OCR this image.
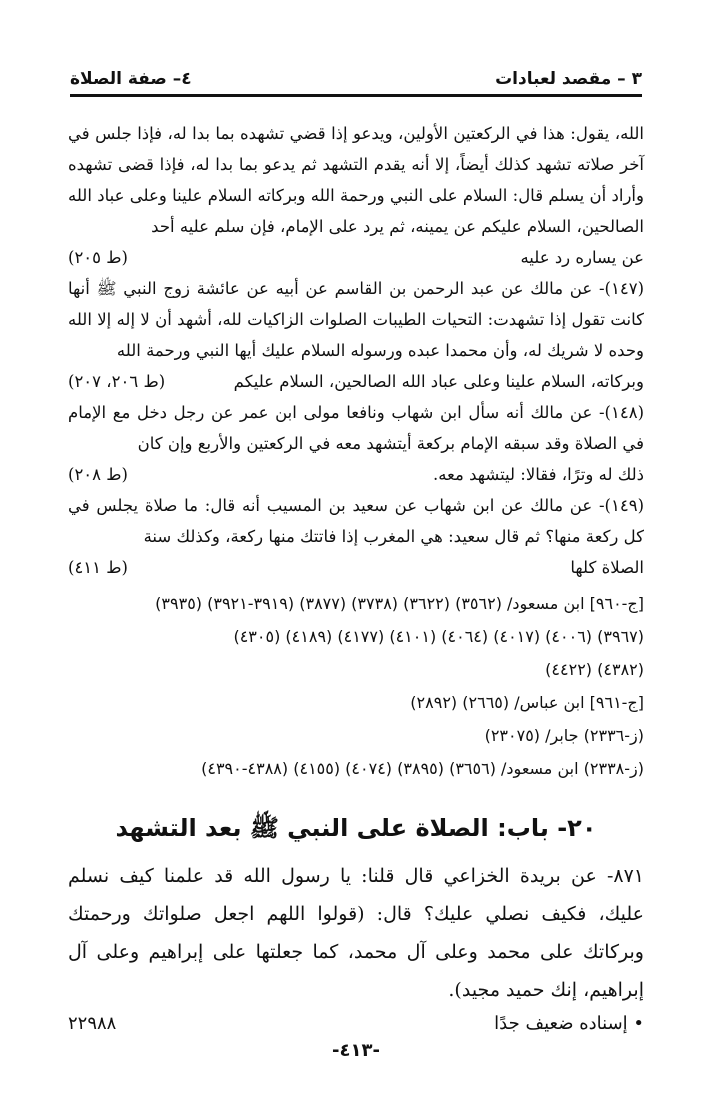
٣ – مقصد لعبادات
٤– صفة الصلاة
الله، يقول: هذا في الركعتين الأولين، ويدعو إذا قضي تشهده بما بدا له، فإذا جلس في آخر صلاته تشهد كذلك أيضاً، إلا أنه يقدم التشهد ثم يدعو بما بدا له، فإذا قضى تشهده وأراد أن يسلم قال: السلام على النبي ورحمة الله وبركاته السلام علينا وعلى عباد الله الصالحين، السلام عليكم عن يمينه، ثم يرد على الإمام، فإن سلم عليه أحد
عن يساره رد عليه
(ط ٢٠٥)
(١٤٧)- عن مالك عن عبد الرحمن بن القاسم عن أبيه عن عائشة زوج النبي ﷺ أنها كانت تقول إذا تشهدت: التحيات الطيبات الصلوات الزاكيات لله، أشهد أن لا إله إلا الله وحده لا شريك له، وأن محمدا عبده ورسوله السلام عليك أيها النبي ورحمة الله
وبركاته، السلام علينا وعلى عباد الله الصالحين، السلام عليكم
(ط ٢٠٦، ٢٠٧)
(١٤٨)- عن مالك أنه سأل ابن شهاب ونافعا مولى ابن عمر عن رجل دخل مع الإمام في الصلاة وقد سبقه الإمام بركعة أيتشهد معه في الركعتين والأربع وإن كان
ذلك له وترًا، فقالا: ليتشهد معه.
(ط ٢٠٨)
(١٤٩)- عن مالك عن ابن شهاب عن سعيد بن المسيب أنه قال: ما صلاة يجلس في كل ركعة منها؟ ثم قال سعيد: هي المغرب إذا فاتتك منها ركعة، وكذلك سنة
الصلاة كلها
(ط ٤١١)
[ج-٩٦٠] ابن مسعود/ (٣٥٦٢) (٣٦٢٢) (٣٧٣٨) (٣٨٧٧) (٣٩١٩-٣٩٢١) (٣٩٣٥)
(٣٩٦٧) (٤٠٠٦) (٤٠١٧) (٤٠٦٤) (٤١٠١) (٤١٧٧) (٤١٨٩) (٤٣٠٥)
(٤٣٨٢) (٤٤٢٢)
[ج-٩٦١] ابن عباس/ (٢٦٦٥) (٢٨٩٢)
(ز-٢٣٣٦) جابر/ (٢٣٠٧٥)
(ز-٢٣٣٨) ابن مسعود/ (٣٦٥٦) (٣٨٩٥) (٤٠٧٤) (٤١٥٥) (٤٣٨٨-٤٣٩٠)
٢٠- باب: الصلاة على النبي ﷺ بعد التشهد

٨٧١- عن بريدة الخزاعي قال قلنا: يا رسول الله قد علمنا كيف نسلم عليك، فكيف نصلي عليك؟ قال: (قولوا اللهم اجعل صلواتك ورحمتك وبركاتك على محمد وعلى آل محمد، كما جعلتها على إبراهيم وعلى آل إبراهيم، إنك حميد مجيد).

• إسناده ضعيف جدًا
٢٢٩٨٨
-٤١٣-
